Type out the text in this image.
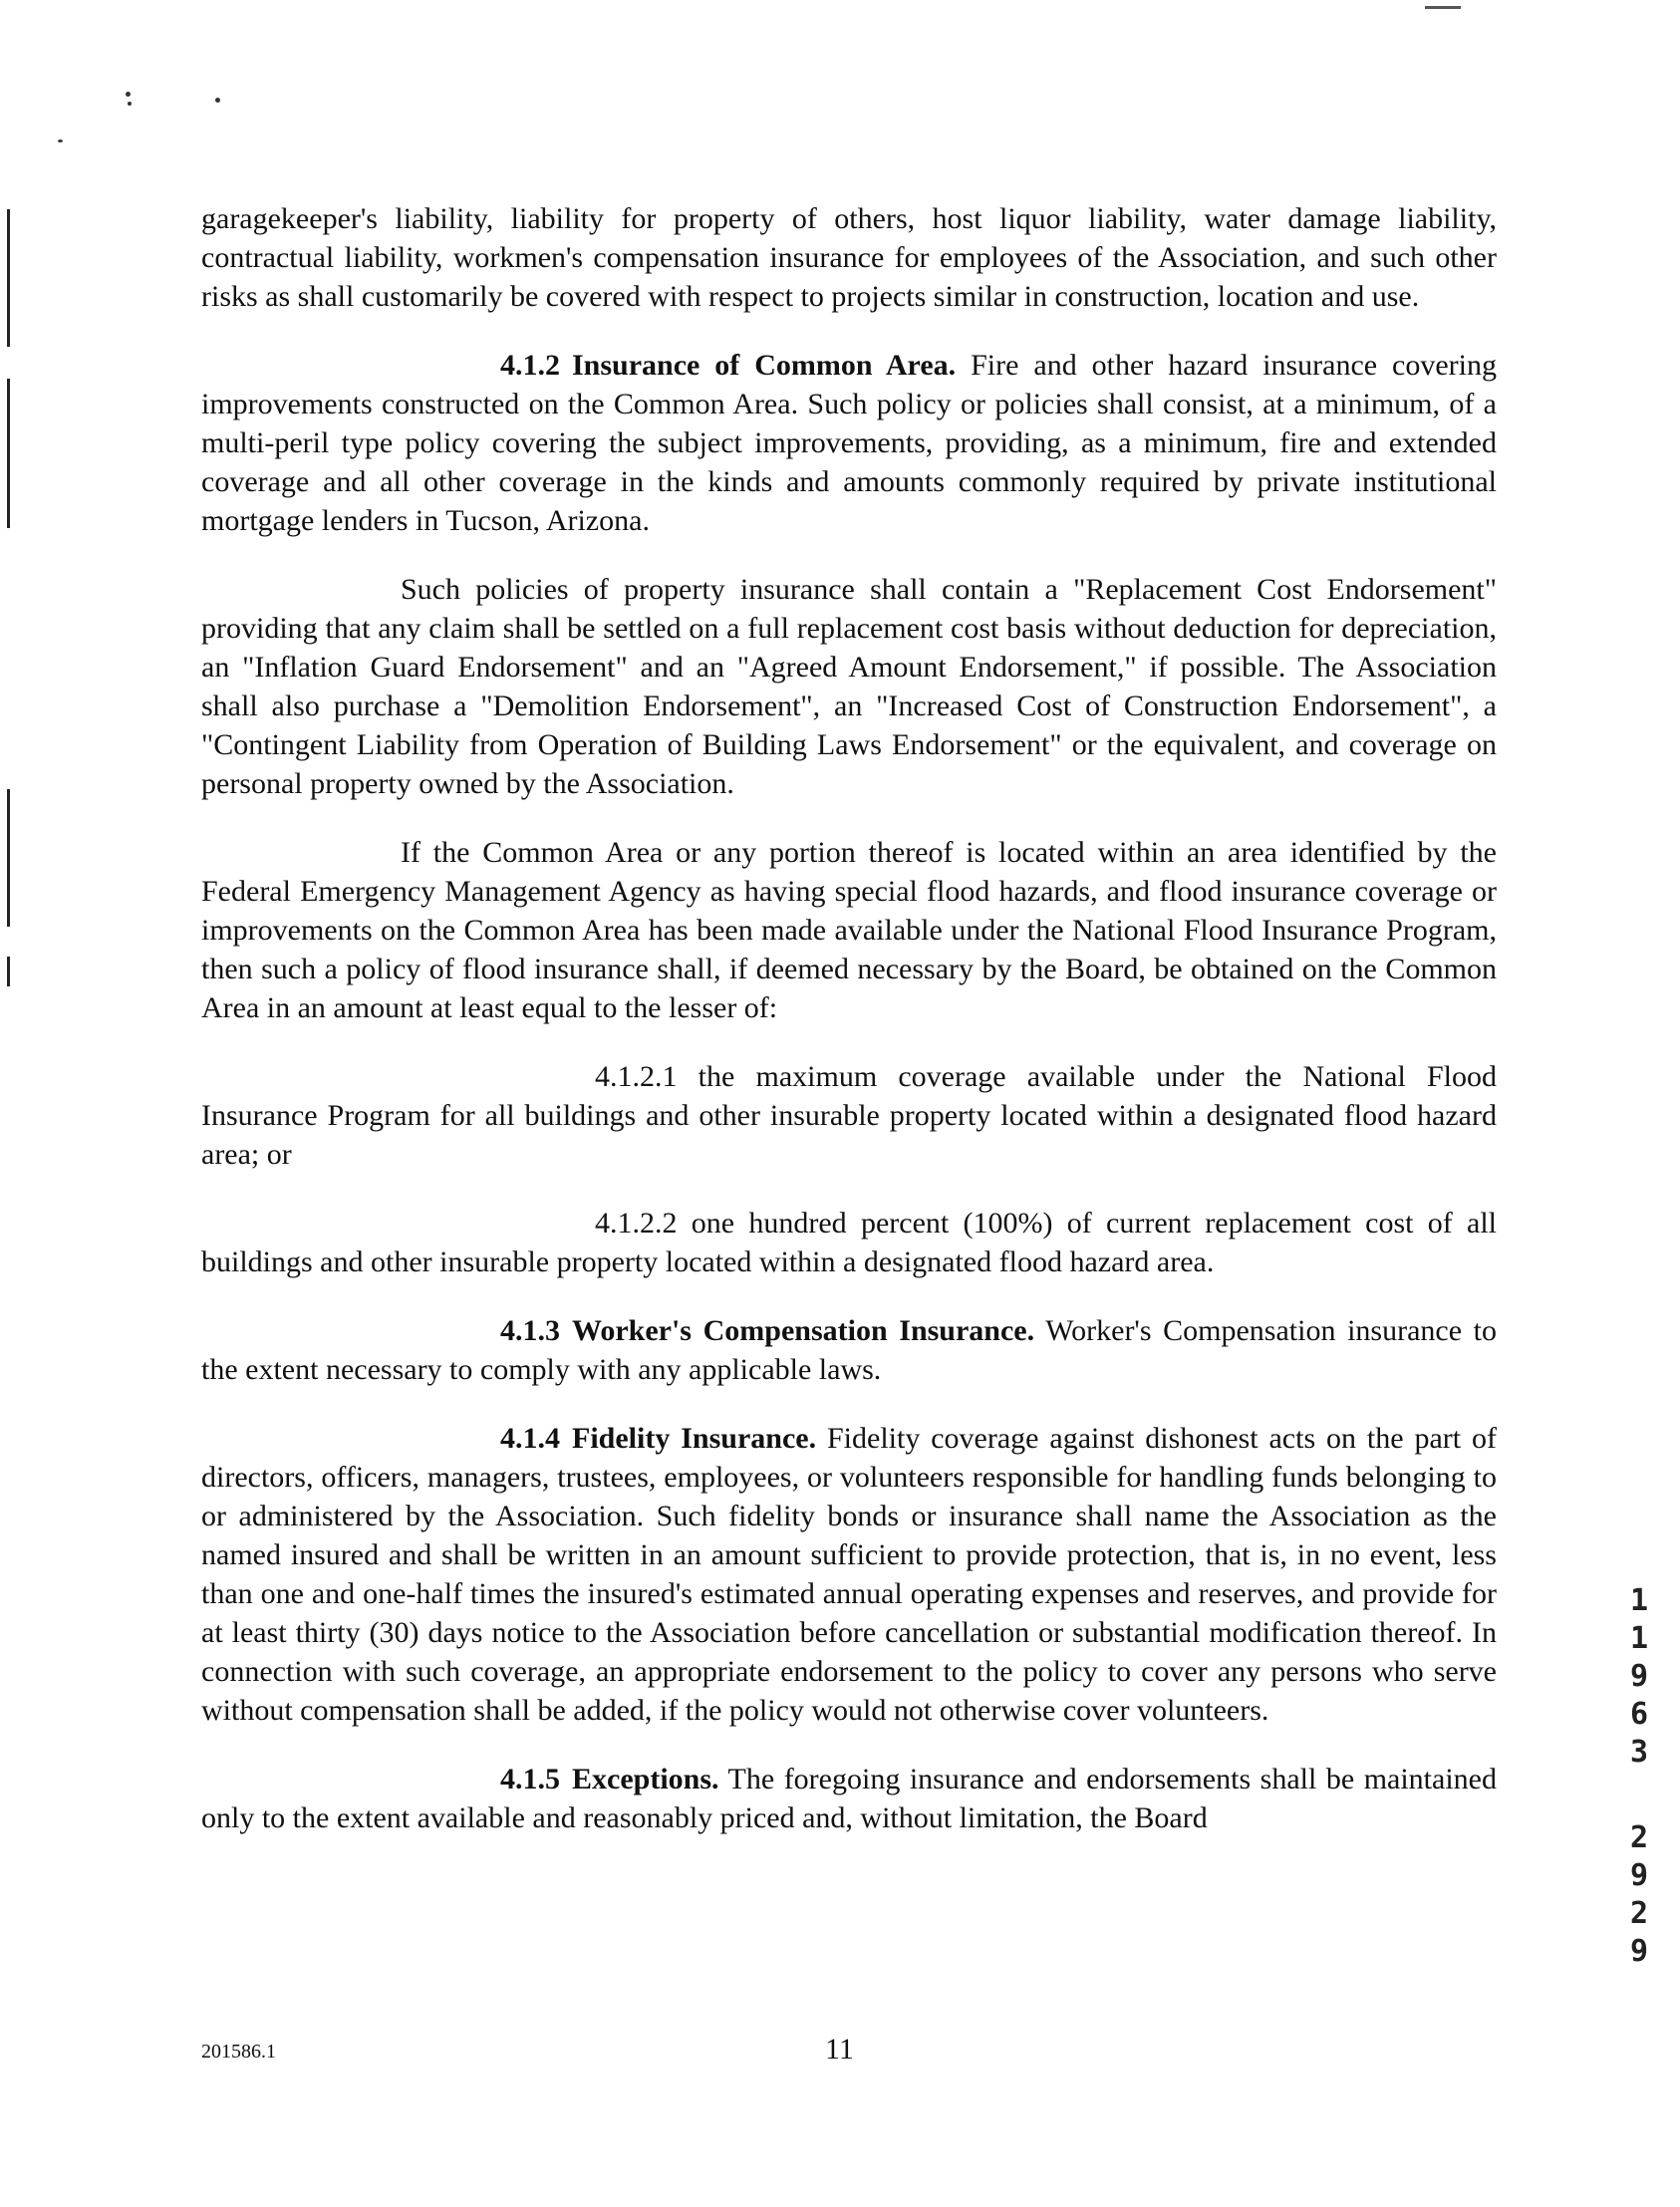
garagekeeper's liability, liability for property of others, host liquor liability, water damage liability, contractual liability, workmen's compensation insurance for employees of the Association, and such other risks as shall customarily be covered with respect to projects similar in construction, location and use.

4.1.2 Insurance of Common Area. Fire and other hazard insurance covering improvements constructed on the Common Area. Such policy or policies shall consist, at a minimum, of a multi-peril type policy covering the subject improvements, providing, as a minimum, fire and extended coverage and all other coverage in the kinds and amounts commonly required by private institutional mortgage lenders in Tucson, Arizona.

Such policies of property insurance shall contain a "Replacement Cost Endorsement" providing that any claim shall be settled on a full replacement cost basis without deduction for depreciation, an "Inflation Guard Endorsement" and an "Agreed Amount Endorsement," if possible. The Association shall also purchase a "Demolition Endorsement", an "Increased Cost of Construction Endorsement", a "Contingent Liability from Operation of Building Laws Endorsement" or the equivalent, and coverage on personal property owned by the Association.

If the Common Area or any portion thereof is located within an area identified by the Federal Emergency Management Agency as having special flood hazards, and flood insurance coverage or improvements on the Common Area has been made available under the National Flood Insurance Program, then such a policy of flood insurance shall, if deemed necessary by the Board, be obtained on the Common Area in an amount at least equal to the lesser of:

4.1.2.1 the maximum coverage available under the National Flood Insurance Program for all buildings and other insurable property located within a designated flood hazard area; or

4.1.2.2 one hundred percent (100%) of current replacement cost of all buildings and other insurable property located within a designated flood hazard area.

4.1.3 Worker's Compensation Insurance. Worker's Compensation insurance to the extent necessary to comply with any applicable laws.

4.1.4 Fidelity Insurance. Fidelity coverage against dishonest acts on the part of directors, officers, managers, trustees, employees, or volunteers responsible for handling funds belonging to or administered by the Association. Such fidelity bonds or insurance shall name the Association as the named insured and shall be written in an amount sufficient to provide protection, that is, in no event, less than one and one-half times the insured's estimated annual operating expenses and reserves, and provide for at least thirty (30) days notice to the Association before cancellation or substantial modification thereof. In connection with such coverage, an appropriate endorsement to the policy to cover any persons who serve without compensation shall be added, if the policy would not otherwise cover volunteers.

4.1.5 Exceptions. The foregoing insurance and endorsements shall be maintained only to the extent available and reasonably priced and, without limitation, the Board

1
1
9
6
3
2
9
2
9
201586.1	11
